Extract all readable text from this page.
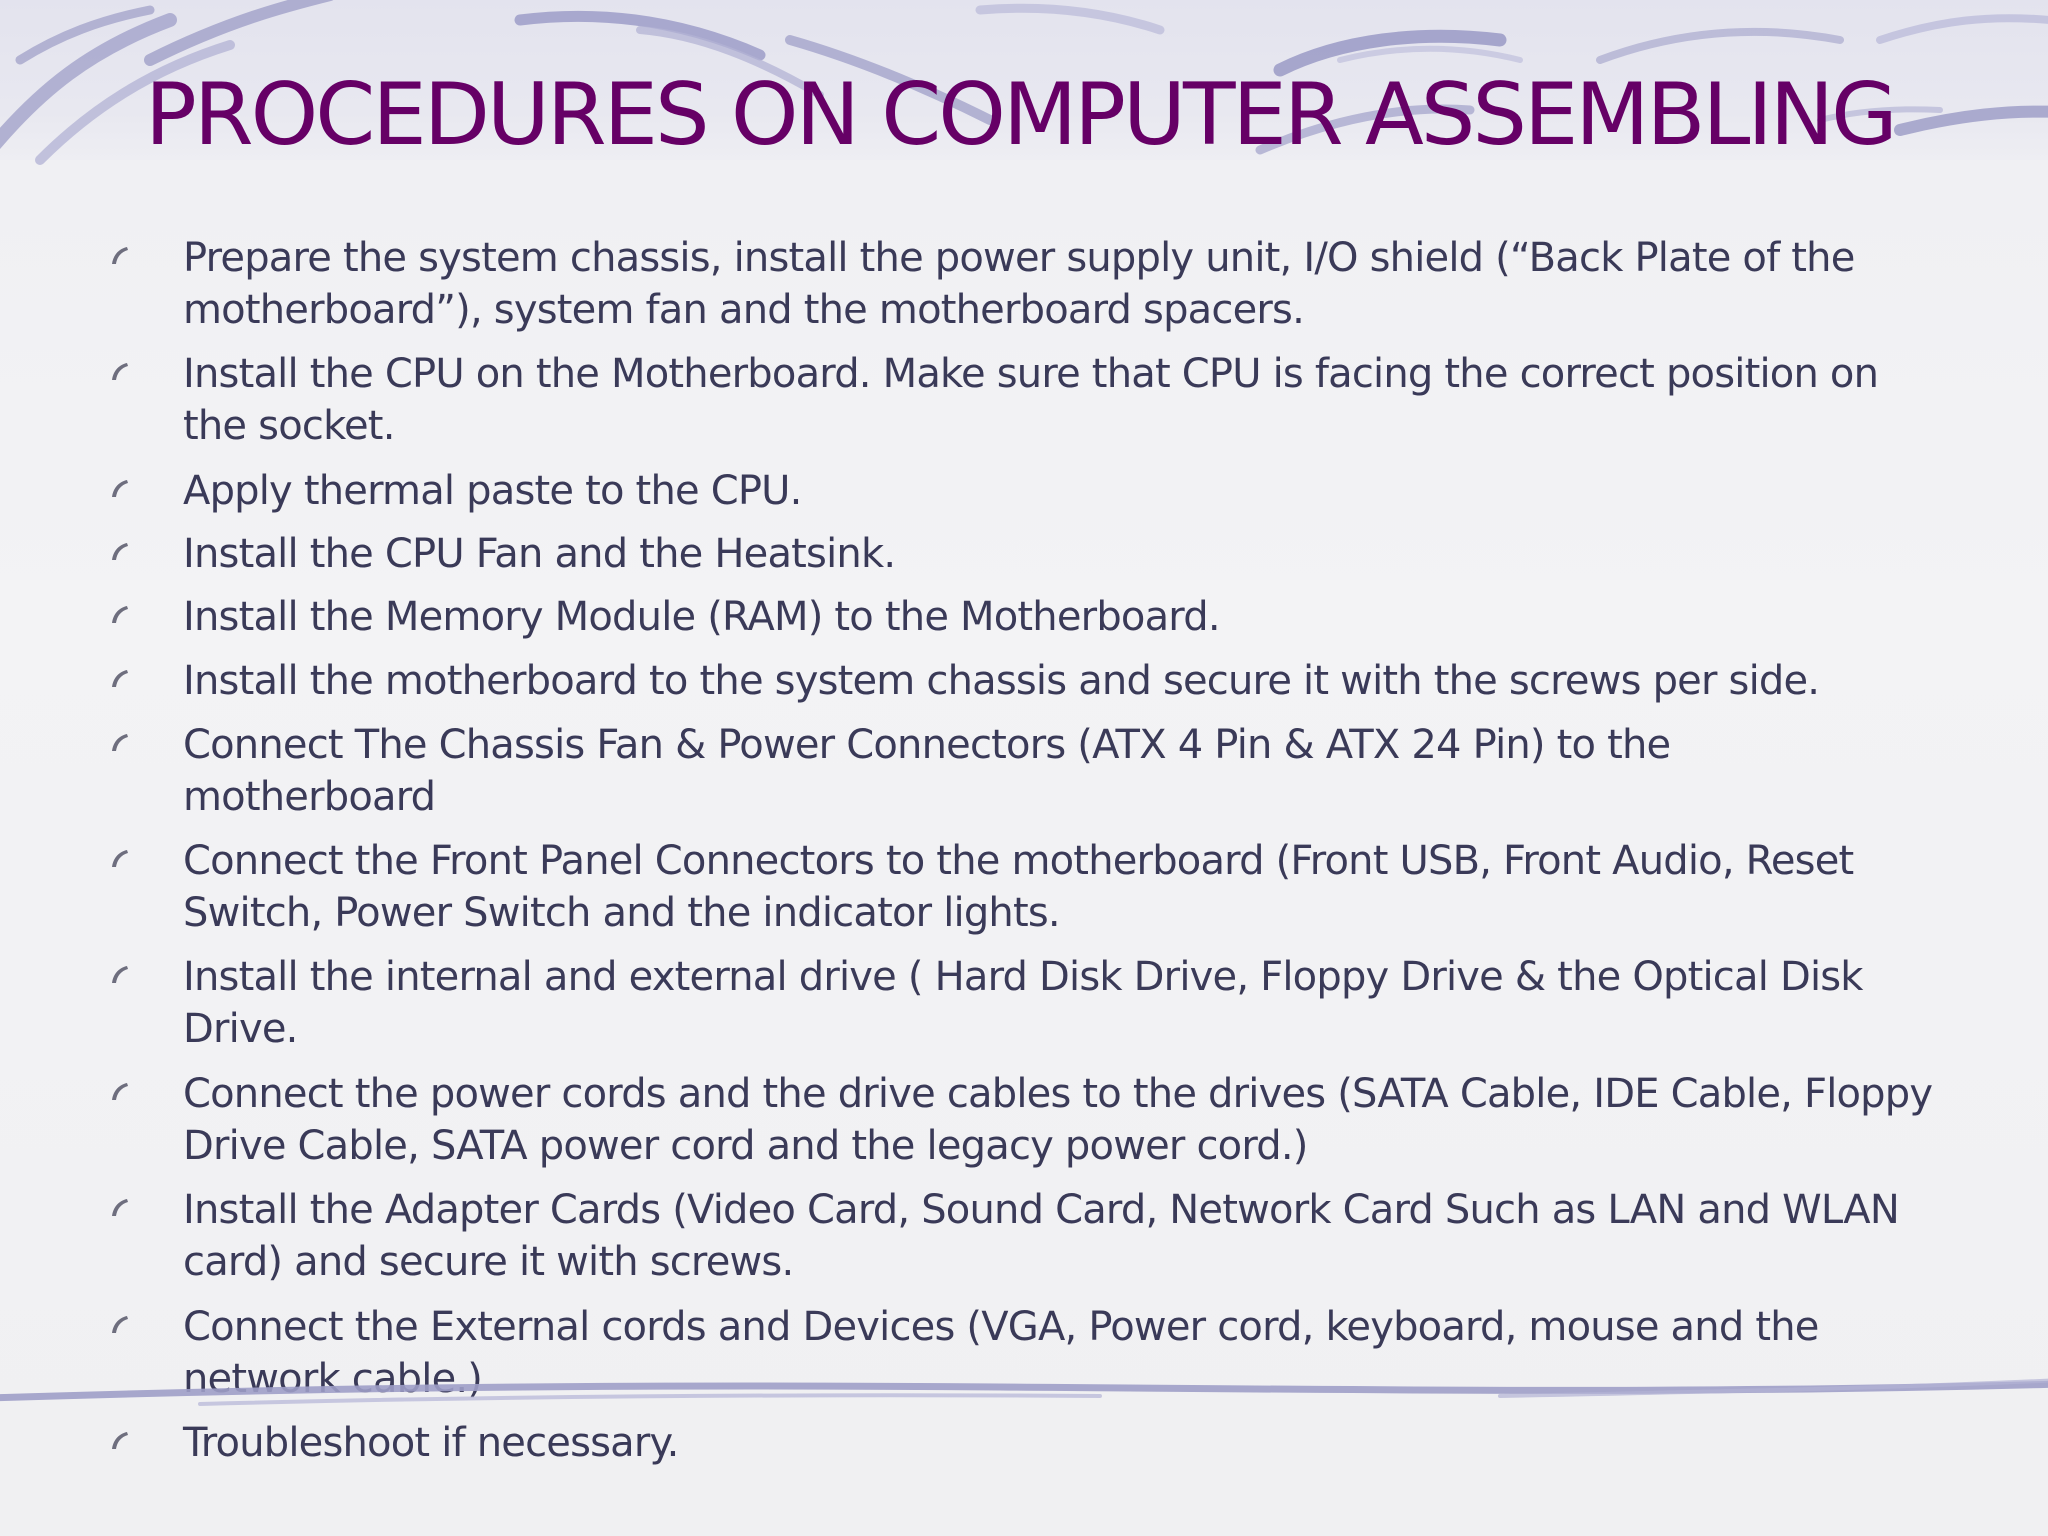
PROCEDURES ON COMPUTER ASSEMBLING
Prepare the system chassis, install the power supply unit, I/O shield (“Back Plate of the
motherboard”), system fan and the motherboard spacers.
Install the CPU on the Motherboard. Make sure that CPU is facing the correct position on
the socket.
Apply thermal paste to the CPU.
Install the CPU Fan and the Heatsink.
Install the Memory Module (RAM) to the Motherboard.
Install the motherboard to the system chassis and secure it with the screws per side.
Connect The Chassis Fan & Power Connectors (ATX 4 Pin & ATX 24 Pin) to the
motherboard
Connect the Front Panel Connectors to the motherboard (Front USB, Front Audio, Reset
Switch, Power Switch and the indicator lights.
Install the internal and external drive ( Hard Disk Drive, Floppy Drive & the Optical Disk
Drive.
Connect the power cords and the drive cables to the drives (SATA Cable, IDE Cable, Floppy
Drive Cable, SATA power cord and the legacy power cord.)
Install the Adapter Cards (Video Card, Sound Card, Network Card Such as LAN and WLAN
card) and secure it with screws.
Connect the External cords and Devices (VGA, Power cord, keyboard, mouse and the
network cable.)
Troubleshoot if necessary.
